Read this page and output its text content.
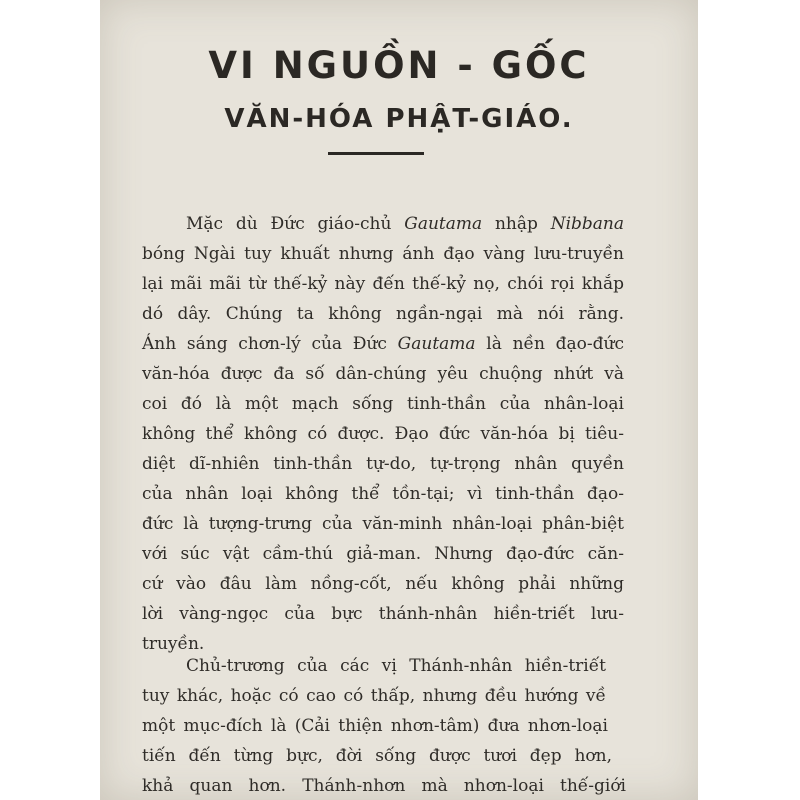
VI NGUỒN - GỐC
VĂN-HÓA PHẬT-GIÁO.
Mặc dù Đức giáo-chủ Gautama nhập Nibbana
bóng Ngài tuy khuất nhưng ánh đạo vàng lưu-truyền
lại mãi mãi từ thế-kỷ này đến thế-kỷ nọ, chói rọi khắp
dó dây. Chúng ta không ngần-ngại mà nói rằng.
Ánh sáng chơn-lý của Đức Gautama là nền đạo-đức
văn-hóa được đa số dân-chúng yêu chuộng nhứt và
coi đó là một mạch sống tinh-thần của nhân-loại
không thể không có được. Đạo đức văn-hóa bị tiêu-
diệt dĩ-nhiên tinh-thần tự-do, tự-trọng nhân quyền
của nhân loại không thể tồn-tại; vì tinh-thần đạo-
đức là tượng-trưng của văn-minh nhân-loại phân-biệt
với súc vật cầm-thú giả-man. Nhưng đạo-đức căn-
cứ vào đâu làm nồng-cốt, nếu không phải những
lời vàng-ngọc của bực thánh-nhân hiền-triết lưu-
truyền.
Chủ-trương của các vị Thánh-nhân hiền-triết
tuy khác, hoặc có cao có thấp, nhưng đều hướng về
một mục-đích là (Cải thiện nhơn-tâm) đưa nhơn-loại
tiến đến từng bực, đời sống được tươi đẹp hơn,
khả quan hơn. Thánh-nhơn mà nhơn-loại thế-giới
